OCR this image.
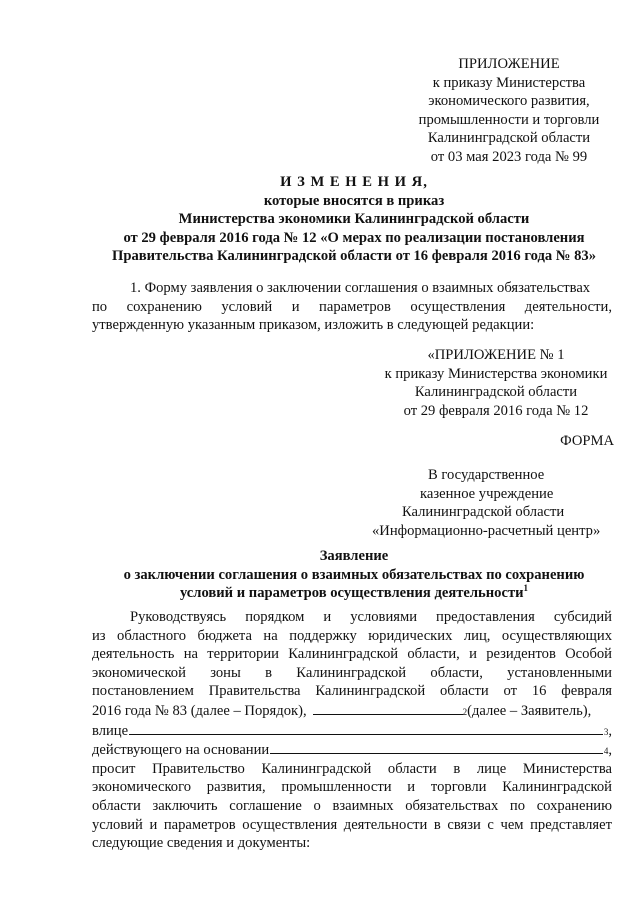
ПРИЛОЖЕНИЕ
к приказу Министерства
экономического развития,
промышленности и торговли
Калининградской области
от 03 мая 2023 года № 99
И З М Е Н Е Н И Я,
которые вносятся в приказ
Министерства экономики Калининградской области
от 29 февраля 2016 года № 12 «О мерах по реализации постановления
Правительства Калининградской области от 16 февраля 2016 года № 83»
1. Форму заявления о заключении соглашения о взаимных обязательствах
по сохранению условий и параметров осуществления деятельности,
утвержденную указанным приказом, изложить в следующей редакции:
«ПРИЛОЖЕНИЕ № 1
к приказу Министерства экономики
Калининградской области
от 29 февраля 2016 года № 12
ФОРМА
В государственное
казенное учреждение
Калининградской области
«Информационно-расчетный центр»
Заявление
о заключении соглашения о взаимных обязательствах по сохранению
условий и параметров осуществления деятельности$^1$
Руководствуясь порядком и условиями предоставления субсидий
из областного бюджета на поддержку юридических лиц, осуществляющих
деятельность на территории Калининградской области, и резидентов Особой
экономической зоны в Калининградской области, установленными
постановлением Правительства Калининградской области от 16 февраля
2016 года № 83 (далее – Порядок),	2 (далее – Заявитель),
влице	3 ,
действующего на основании	4 ,
просит Правительство Калининградской области в лице Министерства
экономического развития, промышленности и торговли Калининградской
области заключить соглашение о взаимных обязательствах по сохранению
условий и параметров осуществления деятельности в связи с чем представляет
следующие сведения и документы:
